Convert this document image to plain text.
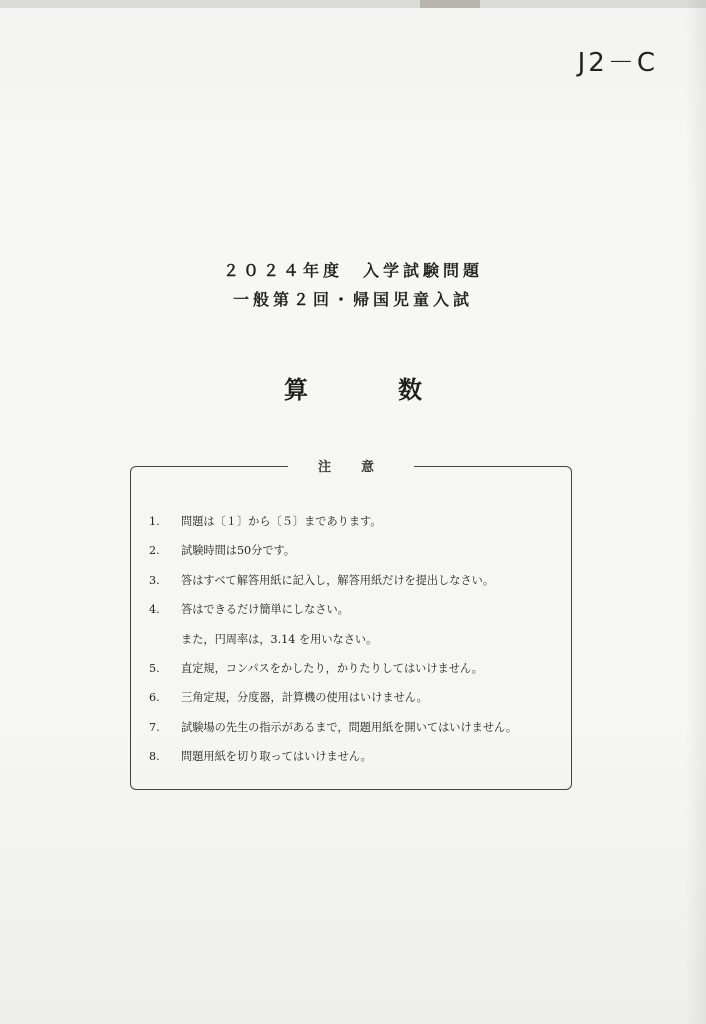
J2－C
２０２４年度　入学試験問題
一般第２回・帰国児童入試
算	数
注意
1.	問題は〔１〕から〔５〕まであります。
2.	試験時間は50分です。
3.	答はすべて解答用紙に記入し，解答用紙だけを提出しなさい。
4.	答はできるだけ簡単にしなさい。
また，円周率は，3.14 を用いなさい。
5.	直定規，コンパスをかしたり，かりたりしてはいけません。
6.	三角定規，分度器，計算機の使用はいけません。
7.	試験場の先生の指示があるまで，問題用紙を開いてはいけません。
8.	問題用紙を切り取ってはいけません。
